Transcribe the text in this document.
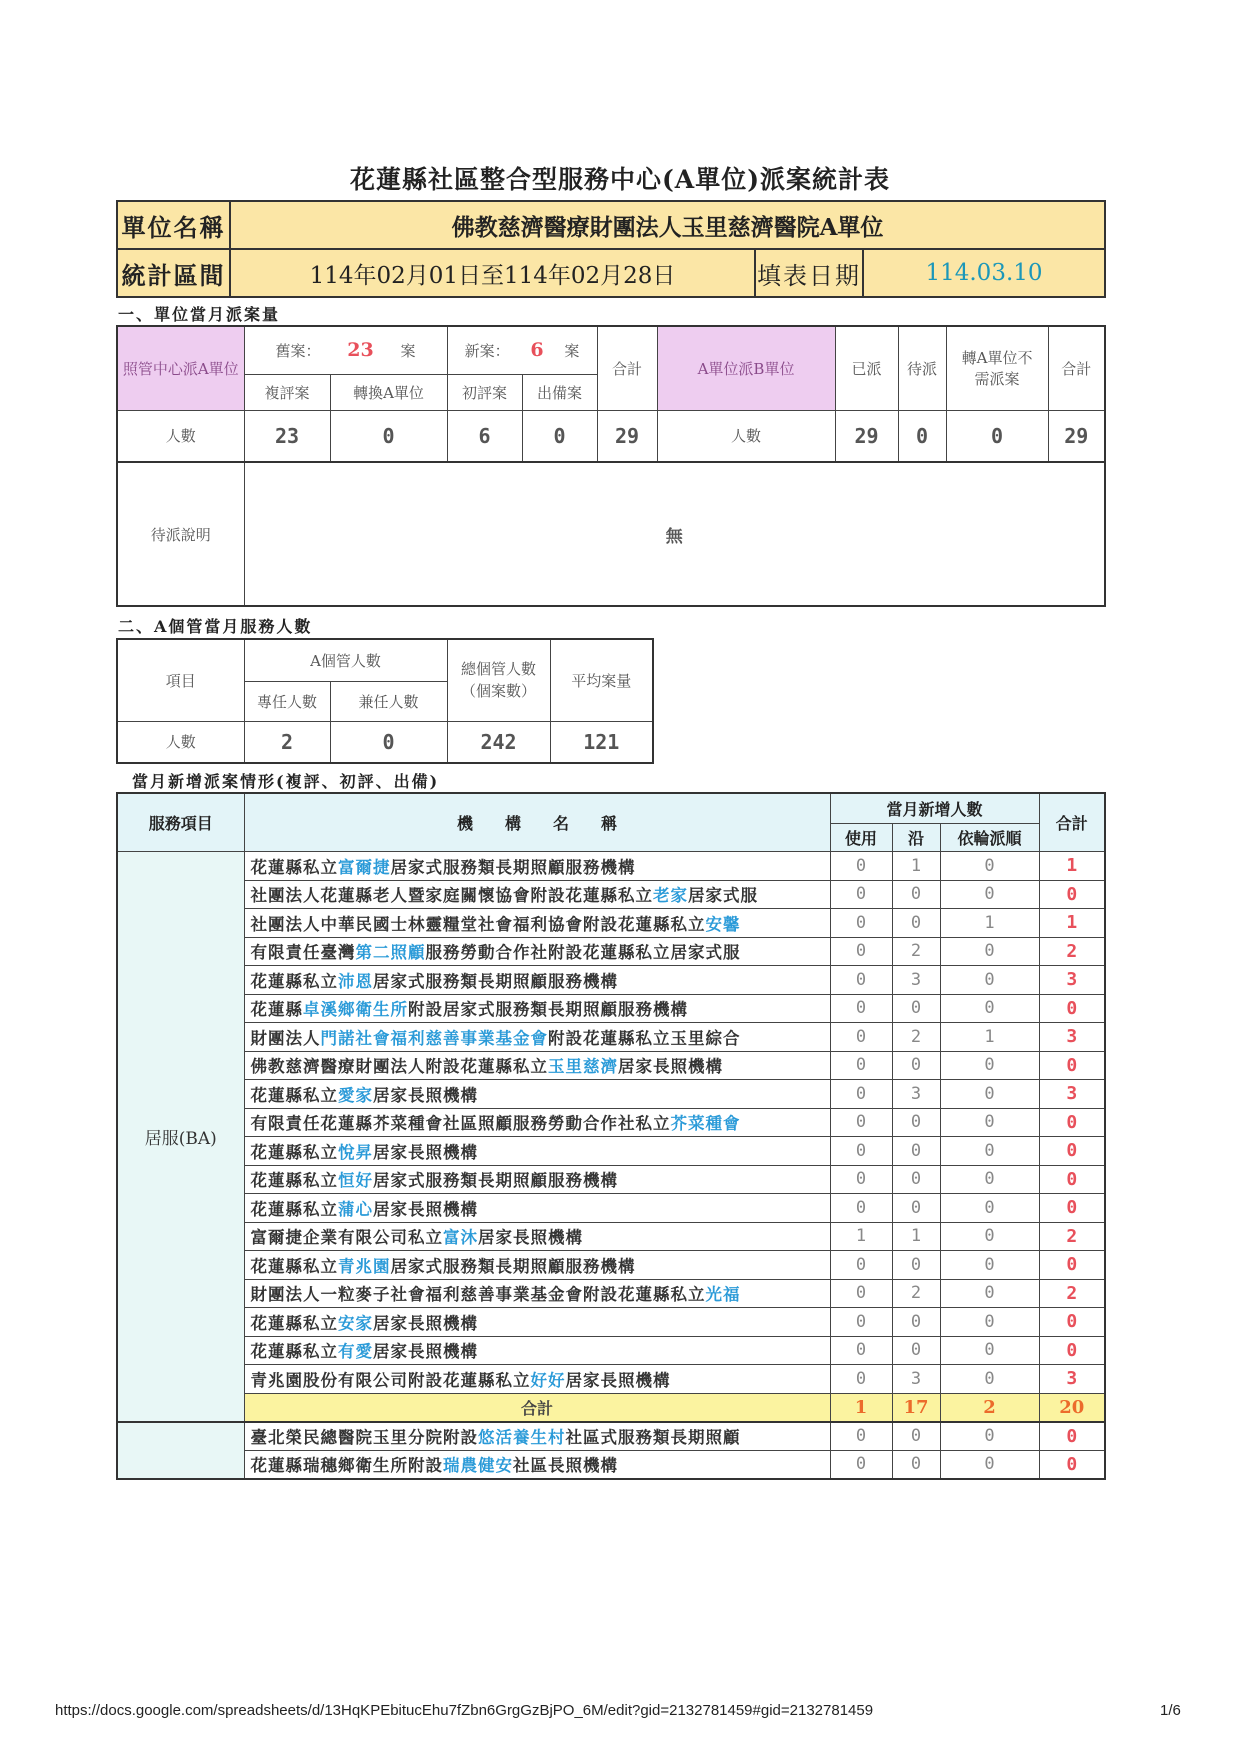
花蓮縣社區整合型服務中心(A單位)派案統計表
單位名稱	佛教慈濟醫療財團法人玉里慈濟醫院A單位		
統計區間	114年02月01日至114年02月28日	填表日期	114.03.10
一、單位當月派案量
照管中心派A單位	舊案： 23 案		新案： 6 案		合計	A單位派B單位	已派	待派	轉A單位不需派案	合計
	複評案	轉換A單位	初評案	出備案						
人數	23	0	6	0	29	人數	29	0	0	29
待派說明	無									
二、A個管當月服務人數
項目	A個管人數		總個管人數（個案數）	平均案量
	專任人數	兼任人數		
人數	2	0	242	121
當月新增派案情形(複評、初評、出備)
服務項目	機　　構　　名　　稱	當月新增人數			合計
		使用	沿	依輪派順	
居服(BA)	花蓮縣私立富爾捷居家式服務類長期照顧服務機構	0	1	0	1
	社團法人花蓮縣老人暨家庭關懷協會附設花蓮縣私立老家居家式服	0	0	0	0
	社團法人中華民國士林靈糧堂社會福利協會附設花蓮縣私立安馨	0	0	1	1
	有限責任臺灣第二照顧服務勞動合作社附設花蓮縣私立居家式服	0	2	0	2
	花蓮縣私立沛恩居家式服務類長期照顧服務機構	0	3	0	3
	花蓮縣卓溪鄉衛生所附設居家式服務類長期照顧服務機構	0	0	0	0
	財團法人門諾社會福利慈善事業基金會附設花蓮縣私立玉里綜合	0	2	1	3
	佛教慈濟醫療財團法人附設花蓮縣私立玉里慈濟居家長照機構	0	0	0	0
	花蓮縣私立愛家居家長照機構	0	3	0	3
	有限責任花蓮縣芥菜種會社區照顧服務勞動合作社私立芥菜種會	0	0	0	0
	花蓮縣私立悅昇居家長照機構	0	0	0	0
	花蓮縣私立恒好居家式服務類長期照顧服務機構	0	0	0	0
	花蓮縣私立蒲心居家長照機構	0	0	0	0
	富爾捷企業有限公司私立富沐居家長照機構	1	1	0	2
	花蓮縣私立青兆園居家式服務類長期照顧服務機構	0	0	0	0
	財團法人一粒麥子社會福利慈善事業基金會附設花蓮縣私立光福	0	2	0	2
	花蓮縣私立安家居家長照機構	0	0	0	0
	花蓮縣私立有愛居家長照機構	0	0	0	0
	青兆園股份有限公司附設花蓮縣私立好好居家長照機構	0	3	0	3
	合計	1	17	2	20
	臺北榮民總醫院玉里分院附設悠活養生村社區式服務類長期照顧	0	0	0	0
	花蓮縣瑞穗鄉衛生所附設瑞農健安社區長照機構	0	0	0	0
https://docs.google.com/spreadsheets/d/13HqKPEbitucEhu7fZbn6GrgGzBjPO_6M/edit?gid=2132781459#gid=2132781459	1/6
